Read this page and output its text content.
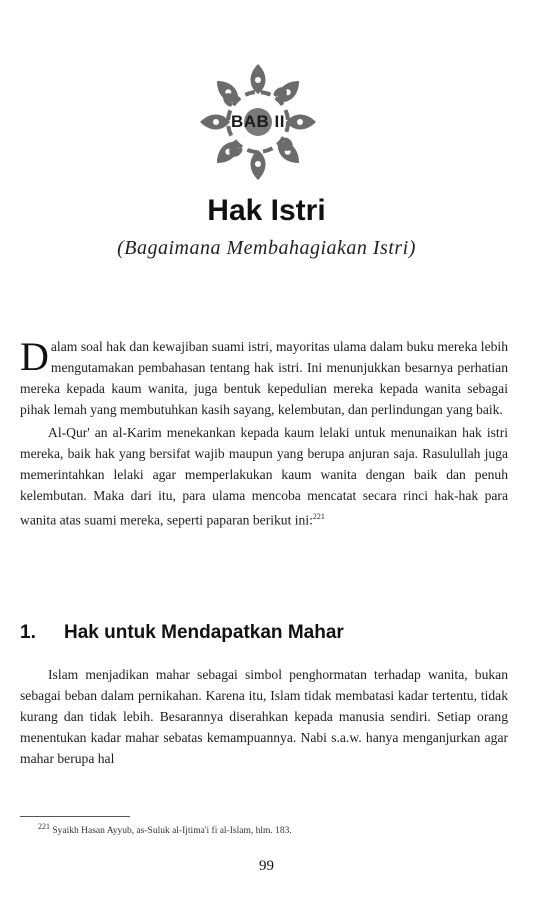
BAB II
Hak Istri
(Bagaimana Membahagiakan Istri)

Dalam soal hak dan kewajiban suami istri, mayoritas ulama dalam buku mereka lebih mengutamakan pembahasan tentang hak istri. Ini menunjukkan besarnya perhatian mereka kepada kaum wanita, juga bentuk kepedulian mereka kepada wanita sebagai pihak lemah yang membutuhkan kasih sayang, kelembutan, dan perlindungan yang baik.

Al-Qur' an al-Karim menekankan kepada kaum lelaki untuk menunaikan hak istri mereka, baik hak yang bersifat wajib maupun yang berupa anjuran saja. Rasulullah juga memerintahkan lelaki agar memperlakukan kaum wanita dengan baik dan penuh kelembutan. Maka dari itu, para ulama mencoba mencatat secara rinci hak-hak para wanita atas suami mereka, seperti paparan berikut ini:$^{221}$

1. Hak untuk Mendapatkan Mahar

Islam menjadikan mahar sebagai simbol penghormatan terhadap wanita, bukan sebagai beban dalam pernikahan. Karena itu, Islam tidak membatasi kadar tertentu, tidak kurang dan tidak lebih. Besarannya diserahkan kepada manusia sendiri. Setiap orang menentukan kadar mahar sebatas kemampuannya. Nabi s.a.w. hanya menganjurkan agar mahar berupa hal

$^{221}$ Syaikh Hasan Ayyub, as-Suluk al-Ijtima'i fi al-Islam, hlm. 183.
99
